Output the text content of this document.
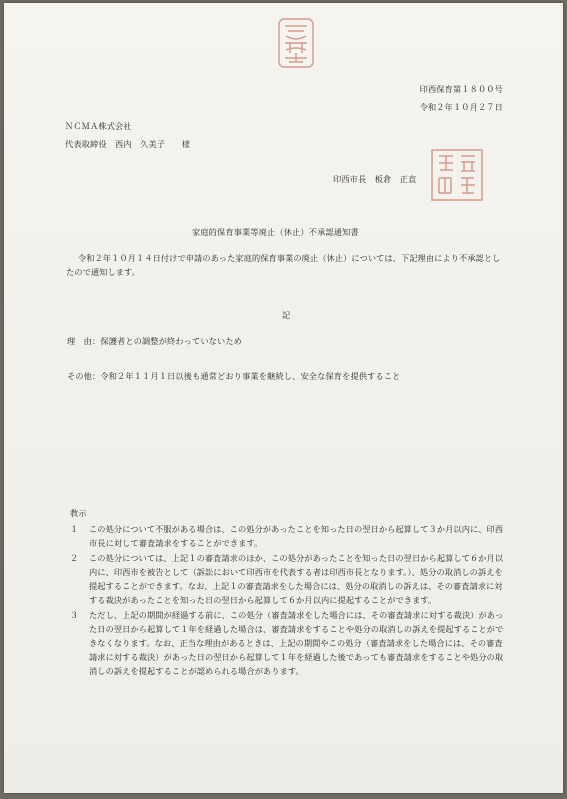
印西保育第１８００号
令和２年１０月２７日
ＮＣＭＡ株式会社
代表取締役　西内　久美子　　様
印西市長　板倉　正直
家庭的保育事業等廃止（休止）不承認通知書
令和２年１０月１４日付けで申請のあった家庭的保育事業の廃止（休止）については、下記理由により不承認としたので通知します。
記
理　由：保護者との調整が終わっていないため
その他：令和２年１１月１日以後も通常どおり事業を継続し、安全な保育を提供すること
教示
１	この処分について不服がある場合は、この処分があったことを知った日の翌日から起算して３か月以内に、印西市長に対して審査請求をすることができます。
２	この処分については、上記１の審査請求のほか、この処分があったことを知った日の翌日から起算して６か月以内に、印西市を被告として（訴訟において印西市を代表する者は印西市長となります。）、処分の取消しの訴えを提起することができます。なお、上記１の審査請求をした場合には、処分の取消しの訴えは、その審査請求に対する裁決があったことを知った日の翌日から起算して６か月以内に提起することができます。
３	ただし、上記の期間が経過する前に、この処分（審査請求をした場合には、その審査請求に対する裁決）があった日の翌日から起算して１年を経過した場合は、審査請求をすることや処分の取消しの訴えを提起することができなくなります。なお、正当な理由があるときは、上記の期間やこの処分（審査請求をした場合には、その審査請求に対する裁決）があった日の翌日から起算して１年を経過した後であっても審査請求をすることや処分の取消しの訴えを提起することが認められる場合があります。
